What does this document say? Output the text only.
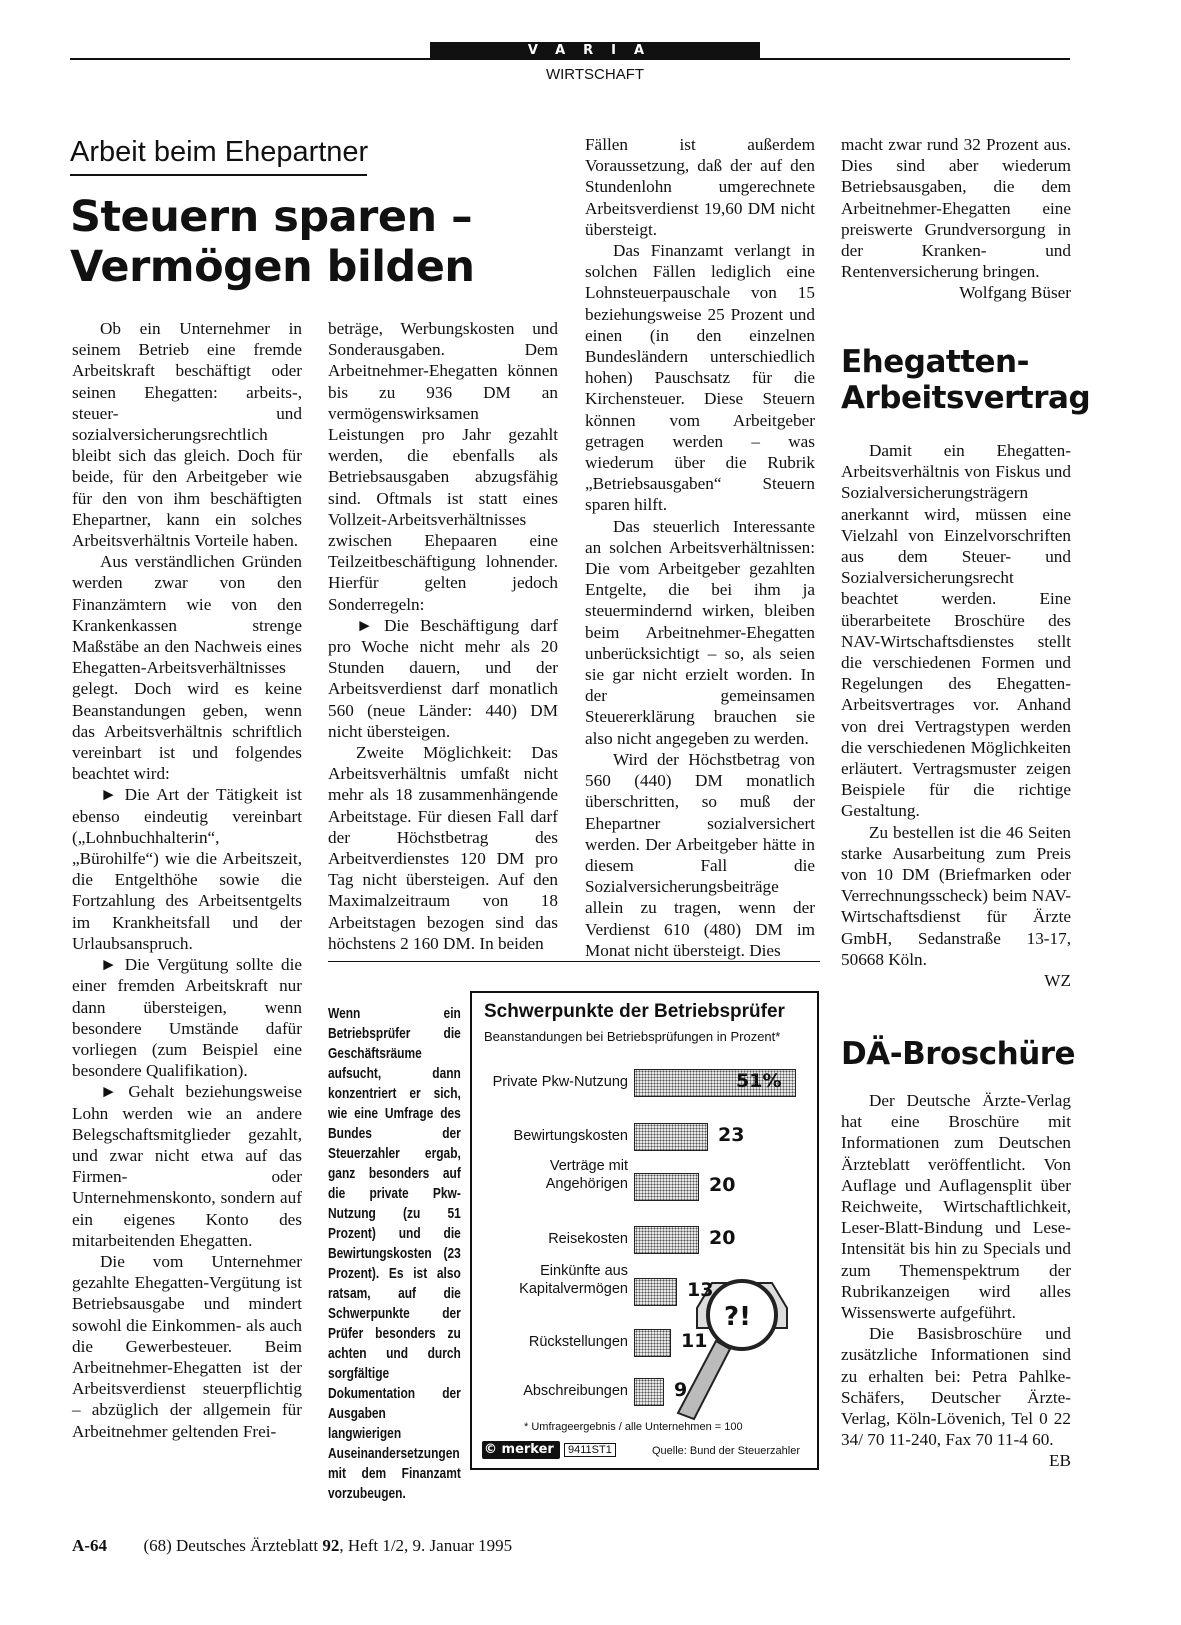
VARIA
WIRTSCHAFT
Arbeit beim Ehepartner
Steuern sparen –
Vermögen bilden

Ob ein Unternehmer in seinem Betrieb eine fremde Arbeitskraft beschäftigt oder seinen Ehegatten: arbeits-, steuer- und sozialversicherungsrechtlich bleibt sich das gleich. Doch für beide, für den Arbeitgeber wie für den von ihm beschäftigten Ehepartner, kann ein solches Arbeitsverhältnis Vorteile haben.

Aus verständlichen Gründen werden zwar von den Finanzämtern wie von den Krankenkassen strenge Maßstäbe an den Nachweis eines Ehegatten-Arbeitsverhältnisses gelegt. Doch wird es keine Beanstandungen geben, wenn das Arbeitsverhältnis schriftlich vereinbart ist und folgendes beachtet wird:

► Die Art der Tätigkeit ist ebenso eindeutig vereinbart („Lohnbuchhalterin“, „Bürohilfe“) wie die Arbeitszeit, die Entgelthöhe sowie die Fortzahlung des Arbeitsentgelts im Krankheitsfall und der Urlaubsanspruch.

► Die Vergütung sollte die einer fremden Arbeitskraft nur dann übersteigen, wenn besondere Umstände dafür vorliegen (zum Beispiel eine besondere Qualifikation).

► Gehalt beziehungsweise Lohn werden wie an andere Belegschaftsmitglieder gezahlt, und zwar nicht etwa auf das Firmen- oder Unternehmenskonto, sondern auf ein eigenes Konto des mitarbeitenden Ehegatten.

Die vom Unternehmer gezahlte Ehegatten-Vergütung ist Betriebsausgabe und mindert sowohl die Einkommen- als auch die Gewerbesteuer. Beim Arbeitnehmer-Ehegatten ist der Arbeitsverdienst steuerpflichtig – abzüglich der allgemein für Arbeitnehmer geltenden Frei-

beträge, Werbungskosten und Sonderausgaben. Dem Arbeitnehmer-Ehegatten können bis zu 936 DM an vermögenswirksamen Leistungen pro Jahr gezahlt werden, die ebenfalls als Betriebsausgaben abzugsfähig sind. Oftmals ist statt eines Vollzeit-Arbeitsverhältnisses zwischen Ehepaaren eine Teilzeitbeschäftigung lohnender. Hierfür gelten jedoch Sonderregeln:

► Die Beschäftigung darf pro Woche nicht mehr als 20 Stunden dauern, und der Arbeitsverdienst darf monatlich 560 (neue Länder: 440) DM nicht übersteigen.

Zweite Möglichkeit: Das Arbeitsverhältnis umfaßt nicht mehr als 18 zusammenhängende Arbeitstage. Für diesen Fall darf der Höchstbetrag des Arbeitverdienstes 120 DM pro Tag nicht übersteigen. Auf den Maximalzeitraum von 18 Arbeitstagen bezogen sind das höchstens 2 160 DM. In beiden

Fällen ist außerdem Voraussetzung, daß der auf den Stundenlohn umgerechnete Arbeitsverdienst 19,60 DM nicht übersteigt.

Das Finanzamt verlangt in solchen Fällen lediglich eine Lohnsteuerpauschale von 15 beziehungsweise 25 Prozent und einen (in den einzelnen Bundesländern unterschiedlich hohen) Pauschsatz für die Kirchensteuer. Diese Steuern können vom Arbeitgeber getragen werden – was wiederum über die Rubrik „Betriebsausgaben“ Steuern sparen hilft.

Das steuerlich Interessante an solchen Arbeitsverhältnissen: Die vom Arbeitgeber gezahlten Entgelte, die bei ihm ja steuermindernd wirken, bleiben beim Arbeitnehmer-Ehegatten unberücksichtigt – so, als seien sie gar nicht erzielt worden. In der gemeinsamen Steuererklärung brauchen sie also nicht angegeben zu werden.

Wird der Höchstbetrag von 560 (440) DM monatlich überschritten, so muß der Ehepartner sozialversichert werden. Der Arbeitgeber hätte in diesem Fall die Sozialversicherungsbeiträge allein zu tragen, wenn der Verdienst 610 (480) DM im Monat nicht übersteigt. Dies

macht zwar rund 32 Prozent aus. Dies sind aber wiederum Betriebsausgaben, die dem Arbeitnehmer-Ehegatten eine preiswerte Grundversorgung in der Kranken- und Rentenversicherung bringen.

Wolfgang Büser

Wenn ein Betriebsprüfer die Geschäftsräume aufsucht, dann konzentriert er sich, wie eine Umfrage des Bundes der Steuerzahler ergab, ganz besonders auf die private Pkw-Nutzung (zu 51 Prozent) und die Bewirtungskosten (23 Prozent). Es ist also ratsam, auf die Schwerpunkte der Prüfer besonders zu achten und durch sorgfältige Dokumentation der Ausgaben langwierigen Auseinandersetzungen mit dem Finanzamt vorzubeugen.
Schwerpunkte der Betriebsprüfer
Beanstandungen bei Betriebsprüfungen in Prozent*
?!
* Umfrageergebnis / alle Unternehmen = 100
© merker	9411ST1	Quelle: Bund der Steuerzahler
Private Pkw-Nutzung	51%
Bewirtungskosten	23
Verträge mit
Angehörigen	20
Reisekosten	20
Einkünfte aus
Kapitalvermögen	13
Rückstellungen	11
Abschreibungen 9
Ehegatten-
Arbeitsvertrag

Damit ein Ehegatten-Arbeitsverhältnis von Fiskus und Sozialversicherungsträgern anerkannt wird, müssen eine Vielzahl von Einzelvorschriften aus dem Steuer- und Sozialversicherungsrecht beachtet werden. Eine überarbeitete Broschüre des NAV-Wirtschaftsdienstes stellt die verschiedenen Formen und Regelungen des Ehegatten-Arbeitsvertrages vor. Anhand von drei Vertragstypen werden die verschiedenen Möglichkeiten erläutert. Vertragsmuster zeigen Beispiele für die richtige Gestaltung.

Zu bestellen ist die 46 Seiten starke Ausarbeitung zum Preis von 10 DM (Briefmarken oder Verrechnungsscheck) beim NAV-Wirtschaftsdienst für Ärzte GmbH, Sedanstraße 13-17, 50668 Köln.

WZ

DÄ-Broschüre

Der Deutsche Ärzte-Verlag hat eine Broschüre mit Informationen zum Deutschen Ärzteblatt veröffentlicht. Von Auflage und Auflagensplit über Reichweite, Wirtschaftlichkeit, Leser-Blatt-Bindung und Lese-Intensität bis hin zu Specials und zum Themenspektrum der Rubrikanzeigen wird alles Wissenswerte aufgeführt.

Die Basisbroschüre und zusätzliche Informationen sind zu erhalten bei: Petra Pahlke-Schäfers, Deutscher Ärzte-Verlag, Köln-Lövenich, Tel 0 22 34/ 70 11-240, Fax 70 11-4 60.

EB

A-64 (68) Deutsches Ärzteblatt 92, Heft 1/2, 9. Januar 1995
